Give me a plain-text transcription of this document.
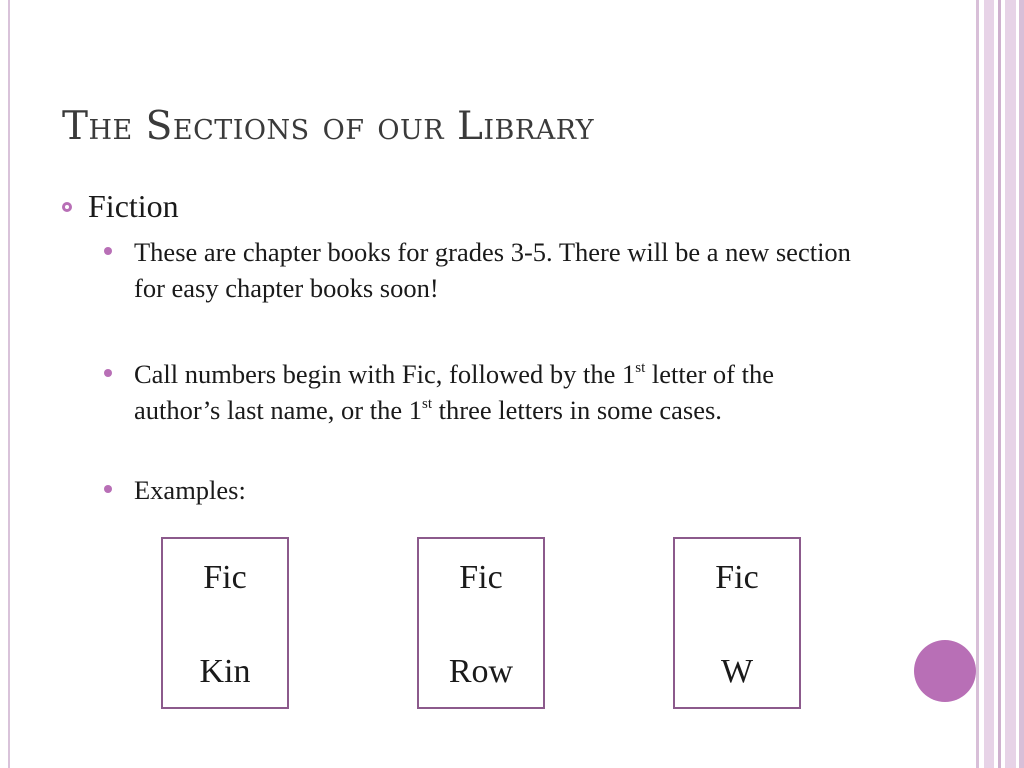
The Sections of our Library
Fiction
These are chapter books for grades 3-5. There will be a new section for easy chapter books soon!
Call numbers begin with Fic, followed by the 1st letter of the author’s last name, or the 1st three letters in some cases.
Examples:
Fic
Kin
Fic
Row
Fic
W
